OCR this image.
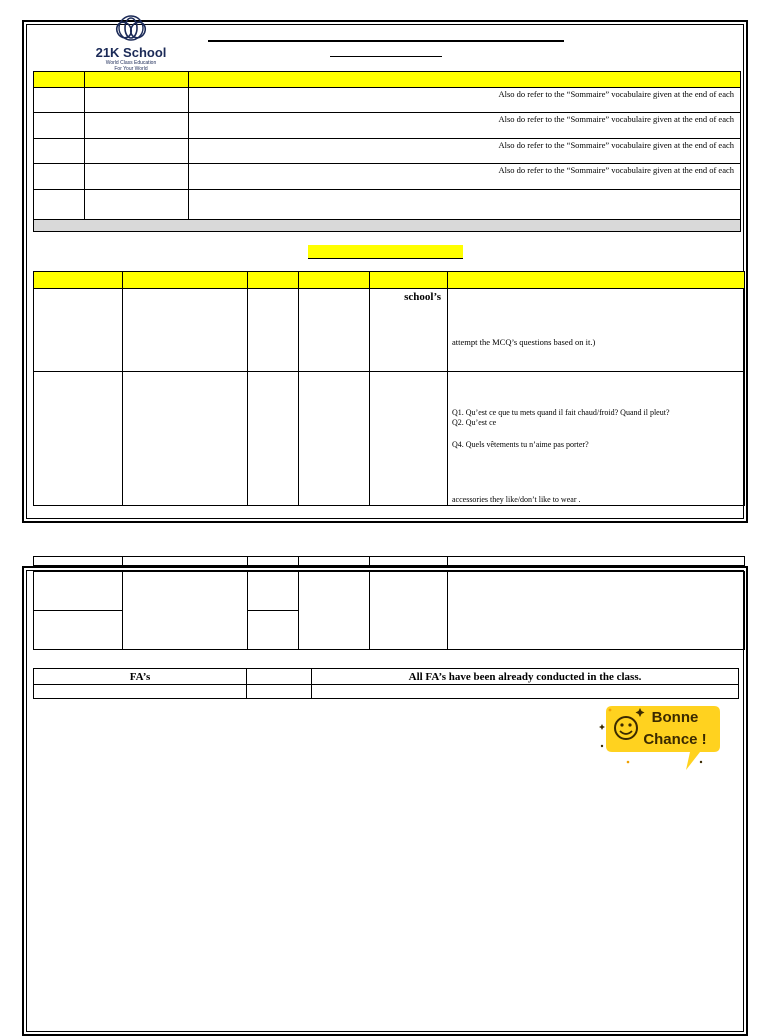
21K School
World Class Education
For Your World

		Also do refer to the “Sommaire” vocabulaire given at the end of each
		Also do refer to the “Sommaire” vocabulaire given at the end of each
		Also do refer to the “Sommaire” vocabulaire given at the end of each
		Also do refer to the “Sommaire” vocabulaire given at the end of each

				school’s	attempt the MCQ’s questions based on it.)

					Q1. Qu’est ce que tu mets quand il fait chaud/froid? Quand il pleut?
Q2. Qu’est ce
Q4. Quels vêtements tu n’aime pas porter?
accessories they like/don’t like to wear .

FA’s		All FA’s have been already conducted in the class.

Bonne
Chance !
